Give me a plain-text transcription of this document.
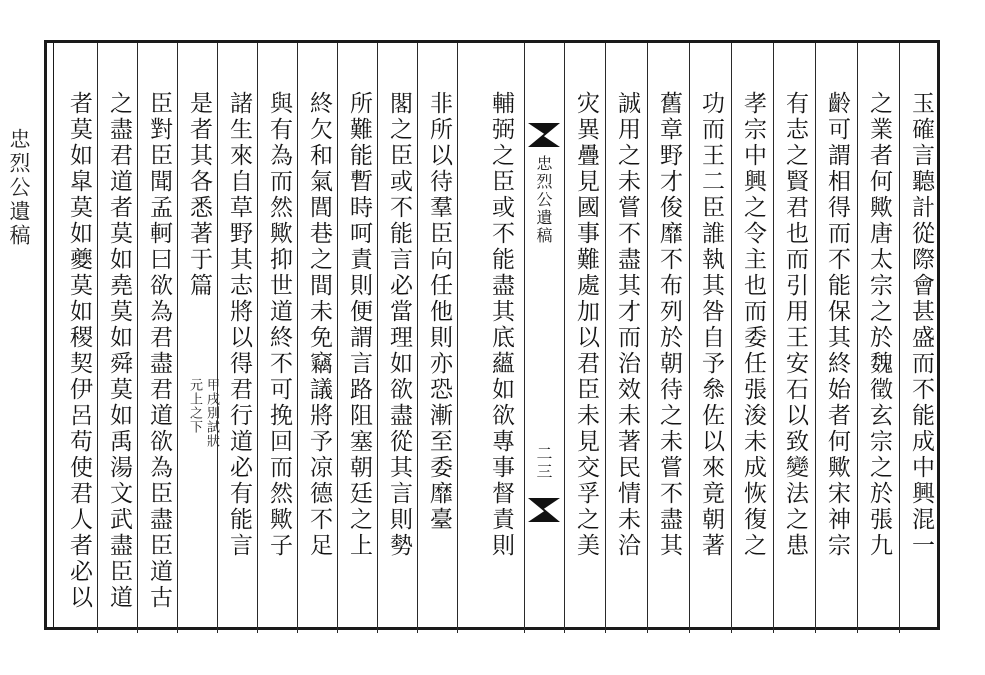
忠烈公遺稿	玉確言聽計從際會甚盛而不能成中興混一
之業者何歟唐太宗之於魏徵玄宗之於張九
齡可謂相得而不能保其終始者何歟宋神宗
有志之賢君也而引用王安石以致變法之患
孝宗中興之令主也而委任張浚未成恢復之
功而王二臣誰執其咎自予叅佐以來竟朝著
舊章野才俊靡不布列於朝待之未嘗不盡其
誠用之未嘗不盡其才而治效未著民情未洽
灾異疊見國事難處加以君臣未見交孚之美
忠烈公遺稿
二三
輔弼之臣或不能盡其底蘊如欲專事督責則
非所以待羣臣向任他則亦恐漸至委靡臺
閣之臣或不能言必當理如欲盡從其言則勢
所難能暫時呵責則便謂言路阻塞朝廷之上
終欠和氣閭巷之間未免竊議將予凉德不足
與有為而然歟抑世道終不可挽回而然歟子
諸生來自草野其志將以得君行道必有能言
是者其各悉著于篇
甲戌別試狀
元上之下
臣對臣聞孟軻曰欲為君盡君道欲為臣盡臣道古
之盡君道者莫如堯莫如舜莫如禹湯文武盡臣道
者莫如皐莫如夔莫如稷契伊呂苟使君人者必以
